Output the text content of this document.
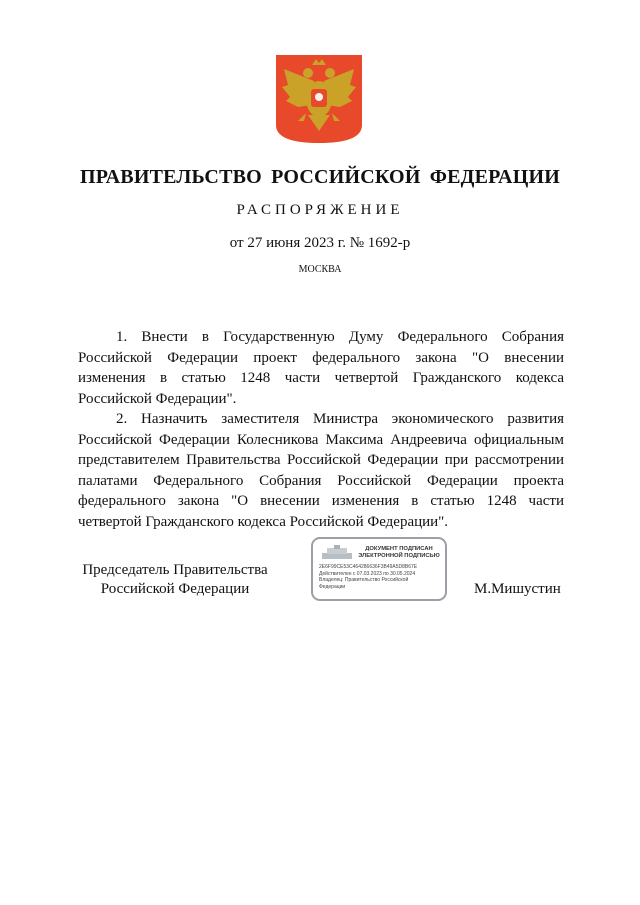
ПРАВИТЕЛЬСТВО РОССИЙСКОЙ ФЕДЕРАЦИИ
РАСПОРЯЖЕНИЕ
от 27 июня 2023 г. № 1692-р
МОСКВА

1. Внести в Государственную Думу Федерального Собрания Российской Федерации проект федерального закона "О внесении изменения в статью 1248 части четвертой Гражданского кодекса Российской Федерации".

2. Назначить заместителя Министра экономического развития Российской Федерации Колесникова Максима Андреевича официальным представителем Правительства Российской Федерации при рассмотрении палатами Федерального Собрания Российской Федерации проекта федерального закона "О внесении изменения в статью 1248 части четвертой Гражданского кодекса Российской Федерации".

Председатель Правительства
Российской Федерации
ДОКУМЕНТ ПОДПИСАН
ЭЛЕКТРОННОЙ ПОДПИСЬЮ
2E6F99CE53C464286636F3B49A5D8B67E
Действителен с 07.03.2023 по 30.05.2024
Владелец: Правительство Российской
Федерации	М.Мишустин
